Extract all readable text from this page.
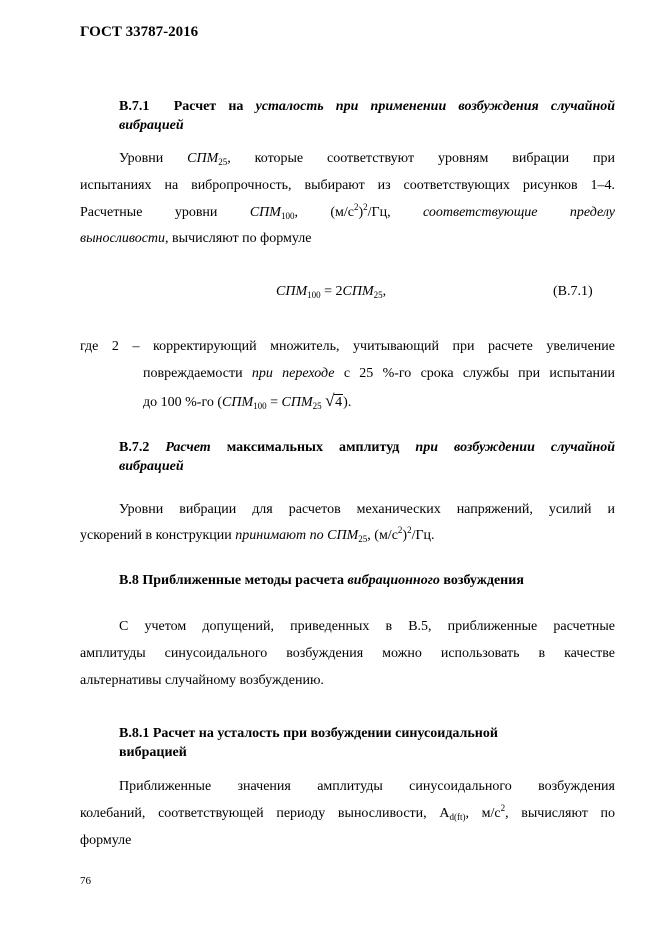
ГОСТ 33787-2016
B.7.1 Расчет на усталость при применении возбуждения случайной
вибрацией
Уровни $СПМ_{25}$, которые соответствуют уровням вибрации при
испытаниях на вибропрочность, выбирают из соответствующих рисунков 1–4.
Расчетные уровни $СПМ_{100}$, $(м/с^2)^2/Гц$, соответствующие пределу
выносливости, вычисляют по формуле
$СПМ_{100} = 2СПМ_{25}$,	(B.7.1)
где 2 – корректирующий множитель, учитывающий при расчете увеличение
повреждаемости при переходе с 25 %-го срока службы при испытании
до 100 %-го ($СПМ_{100} = СПМ_{25}$ √ 4).
B.7.2 Расчет максимальных амплитуд при возбуждении случайной
вибрацией
Уровни вибрации для расчетов механических напряжений, усилий и
ускорений в конструкции принимают по $СПМ_{25}$, $(м/с^2)^2/Гц$.
B.8 Приближенные методы расчета вибрационного возбуждения
С учетом допущений, приведенных в B.5, приближенные расчетные
амплитуды синусоидального возбуждения можно использовать в качестве
альтернативы случайному возбуждению.
B.8.1 Расчет на усталость при возбуждении синусоидальной
вибрацией
Приближенные значения амплитуды синусоидального возбуждения
колебаний, соответствующей периоду выносливости, $A_{d(ft)}$, $м/с^2$, вычисляют по
формуле
76
